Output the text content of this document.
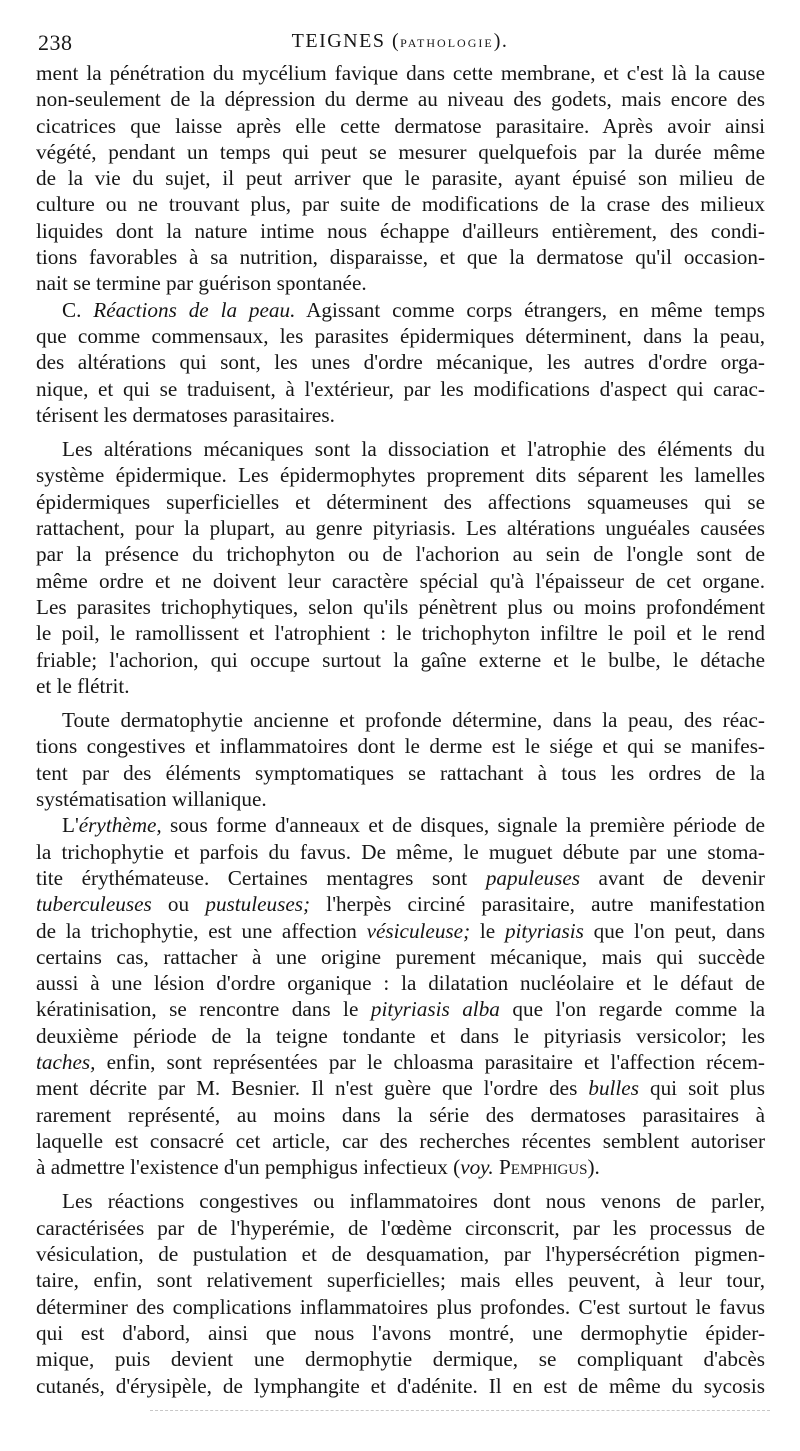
238	TEIGNES (pathologie).
ment la pénétration du mycélium favique dans cette membrane, et c'est là la cause
non-seulement de la dépression du derme au niveau des godets, mais encore des
cicatrices que laisse après elle cette dermatose parasitaire. Après avoir ainsi
végété, pendant un temps qui peut se mesurer quelquefois par la durée même
de la vie du sujet, il peut arriver que le parasite, ayant épuisé son milieu de
culture ou ne trouvant plus, par suite de modifications de la crase des milieux
liquides dont la nature intime nous échappe d'ailleurs entièrement, des condi-
tions favorables à sa nutrition, disparaisse, et que la dermatose qu'il occasion-
nait se termine par guérison spontanée.
C. Réactions de la peau. Agissant comme corps étrangers, en même temps
que comme commensaux, les parasites épidermiques déterminent, dans la peau,
des altérations qui sont, les unes d'ordre mécanique, les autres d'ordre orga-
nique, et qui se traduisent, à l'extérieur, par les modifications d'aspect qui carac-
térisent les dermatoses parasitaires.
Les altérations mécaniques sont la dissociation et l'atrophie des éléments du
système épidermique. Les épidermophytes proprement dits séparent les lamelles
épidermiques superficielles et déterminent des affections squameuses qui se
rattachent, pour la plupart, au genre pityriasis. Les altérations unguéales causées
par la présence du trichophyton ou de l'achorion au sein de l'ongle sont de
même ordre et ne doivent leur caractère spécial qu'à l'épaisseur de cet organe.
Les parasites trichophytiques, selon qu'ils pénètrent plus ou moins profondément
le poil, le ramollissent et l'atrophient : le trichophyton infiltre le poil et le rend
friable; l'achorion, qui occupe surtout la gaîne externe et le bulbe, le détache
et le flétrit.
Toute dermatophytie ancienne et profonde détermine, dans la peau, des réac-
tions congestives et inflammatoires dont le derme est le siége et qui se manifes-
tent par des éléments symptomatiques se rattachant à tous les ordres de la
systématisation willanique.
L'érythème, sous forme d'anneaux et de disques, signale la première période de
la trichophytie et parfois du favus. De même, le muguet débute par une stoma-
tite érythémateuse. Certaines mentagres sont papuleuses avant de devenir
tuberculeuses ou pustuleuses; l'herpès circiné parasitaire, autre manifestation
de la trichophytie, est une affection vésiculeuse; le pityriasis que l'on peut, dans
certains cas, rattacher à une origine purement mécanique, mais qui succède
aussi à une lésion d'ordre organique : la dilatation nucléolaire et le défaut de
kératinisation, se rencontre dans le pityriasis alba que l'on regarde comme la
deuxième période de la teigne tondante et dans le pityriasis versicolor; les
taches, enfin, sont représentées par le chloasma parasitaire et l'affection récem-
ment décrite par M. Besnier. Il n'est guère que l'ordre des bulles qui soit plus
rarement représenté, au moins dans la série des dermatoses parasitaires à
laquelle est consacré cet article, car des recherches récentes semblent autoriser
à admettre l'existence d'un pemphigus infectieux (voy. Pemphigus).
Les réactions congestives ou inflammatoires dont nous venons de parler,
caractérisées par de l'hyperémie, de l'œdème circonscrit, par les processus de
vésiculation, de pustulation et de desquamation, par l'hypersécrétion pigmen-
taire, enfin, sont relativement superficielles; mais elles peuvent, à leur tour,
déterminer des complications inflammatoires plus profondes. C'est surtout le favus
qui est d'abord, ainsi que nous l'avons montré, une dermophytie épider-
mique, puis devient une dermophytie dermique, se compliquant d'abcès
cutanés, d'érysipèle, de lymphangite et d'adénite. Il en est de même du sycosis
